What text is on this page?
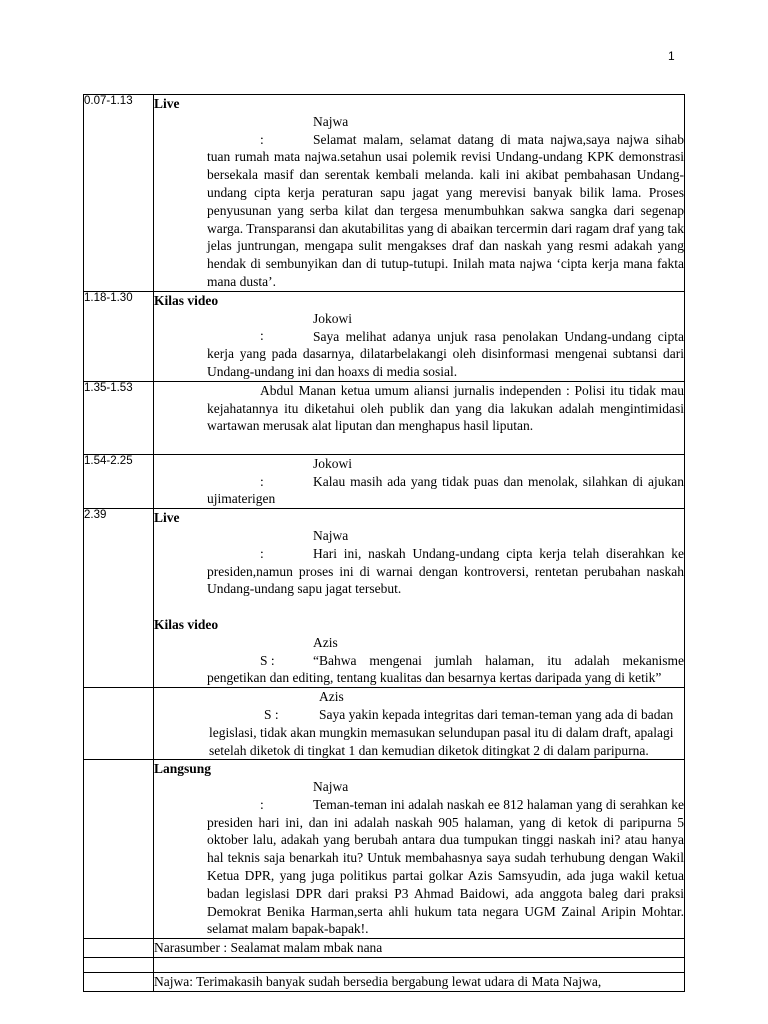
1
0.07-1.13	Live
Najwa : Selamat malam, selamat datang di mata najwa,saya najwa sihab tuan rumah mata najwa.setahun usai polemik revisi Undang-undang KPK demonstrasi bersekala masif dan serentak kembali melanda. kali ini akibat pembahasan Undang-undang cipta kerja peraturan sapu jagat yang merevisi banyak bilik lama. Proses penyusunan yang serba kilat dan tergesa menumbuhkan sakwa sangka dari segenap warga. Transparansi dan akutabilitas yang di abaikan tercermin dari ragam draf yang tak jelas juntrungan, mengapa sulit mengakses draf dan naskah yang resmi adakah yang hendak di sembunyikan dan di tutup-tutupi. Inilah mata najwa ‘cipta kerja mana fakta mana dusta’.

1.18-1.30	Kilas video
Jokowi : Saya melihat adanya unjuk rasa penolakan Undang-undang cipta kerja yang pada dasarnya, dilatarbelakangi oleh disinformasi mengenai subtansi dari Undang-undang ini dan hoaxs di media sosial.

1.35-1.53	Abdul Manan ketua umum aliansi jurnalis independen : Polisi itu tidak mau kejahatannya itu diketahui oleh publik dan yang dia lakukan adalah mengintimidasi wartawan merusak alat liputan dan menghapus hasil liputan.

1.54-2.25	Jokowi : Kalau masih ada yang tidak puas dan menolak, silahkan di ajukan ujimaterigen

2.39	Live
Najwa : Hari ini, naskah Undang-undang cipta kerja telah diserahkan ke presiden,namun proses ini di warnai dengan kontroversi, rentetan perubahan naskah Undang-undang sapu jagat tersebut.
Kilas video
Azis S : “Bahwa mengenai jumlah halaman, itu adalah mekanisme pengetikan dan editing, tentang kualitas dan besarnya kertas daripada yang di ketik”

	Azis S : Saya yakin kepada integritas dari teman-teman yang ada di badan legislasi, tidak akan mungkin memasukan selundupan pasal itu di dalam draft, apalagi setelah diketok di tingkat 1 dan kemudian diketok ditingkat 2 di dalam paripurna.

	Langsung
Najwa : Teman-teman ini adalah naskah ee 812 halaman yang di serahkan ke presiden hari ini, dan ini adalah naskah 905 halaman, yang di ketok di paripurna 5 oktober lalu, adakah yang berubah antara dua tumpukan tinggi naskah ini? atau hanya hal teknis saja benarkah itu? Untuk membahasnya saya sudah terhubung dengan Wakil Ketua DPR, yang juga politikus partai golkar Azis Samsyudin, ada juga wakil ketua badan legislasi DPR dari praksi P3 Ahmad Baidowi, ada anggota baleg dari praksi Demokrat Benika Harman,serta ahli hukum tata negara UGM Zainal Aripin Mohtar. selamat malam bapak-bapak!.

	Narasumber : Sealamat malam mbak nana

	Najwa: Terimakasih banyak sudah bersedia bergabung lewat udara di Mata Najwa,
